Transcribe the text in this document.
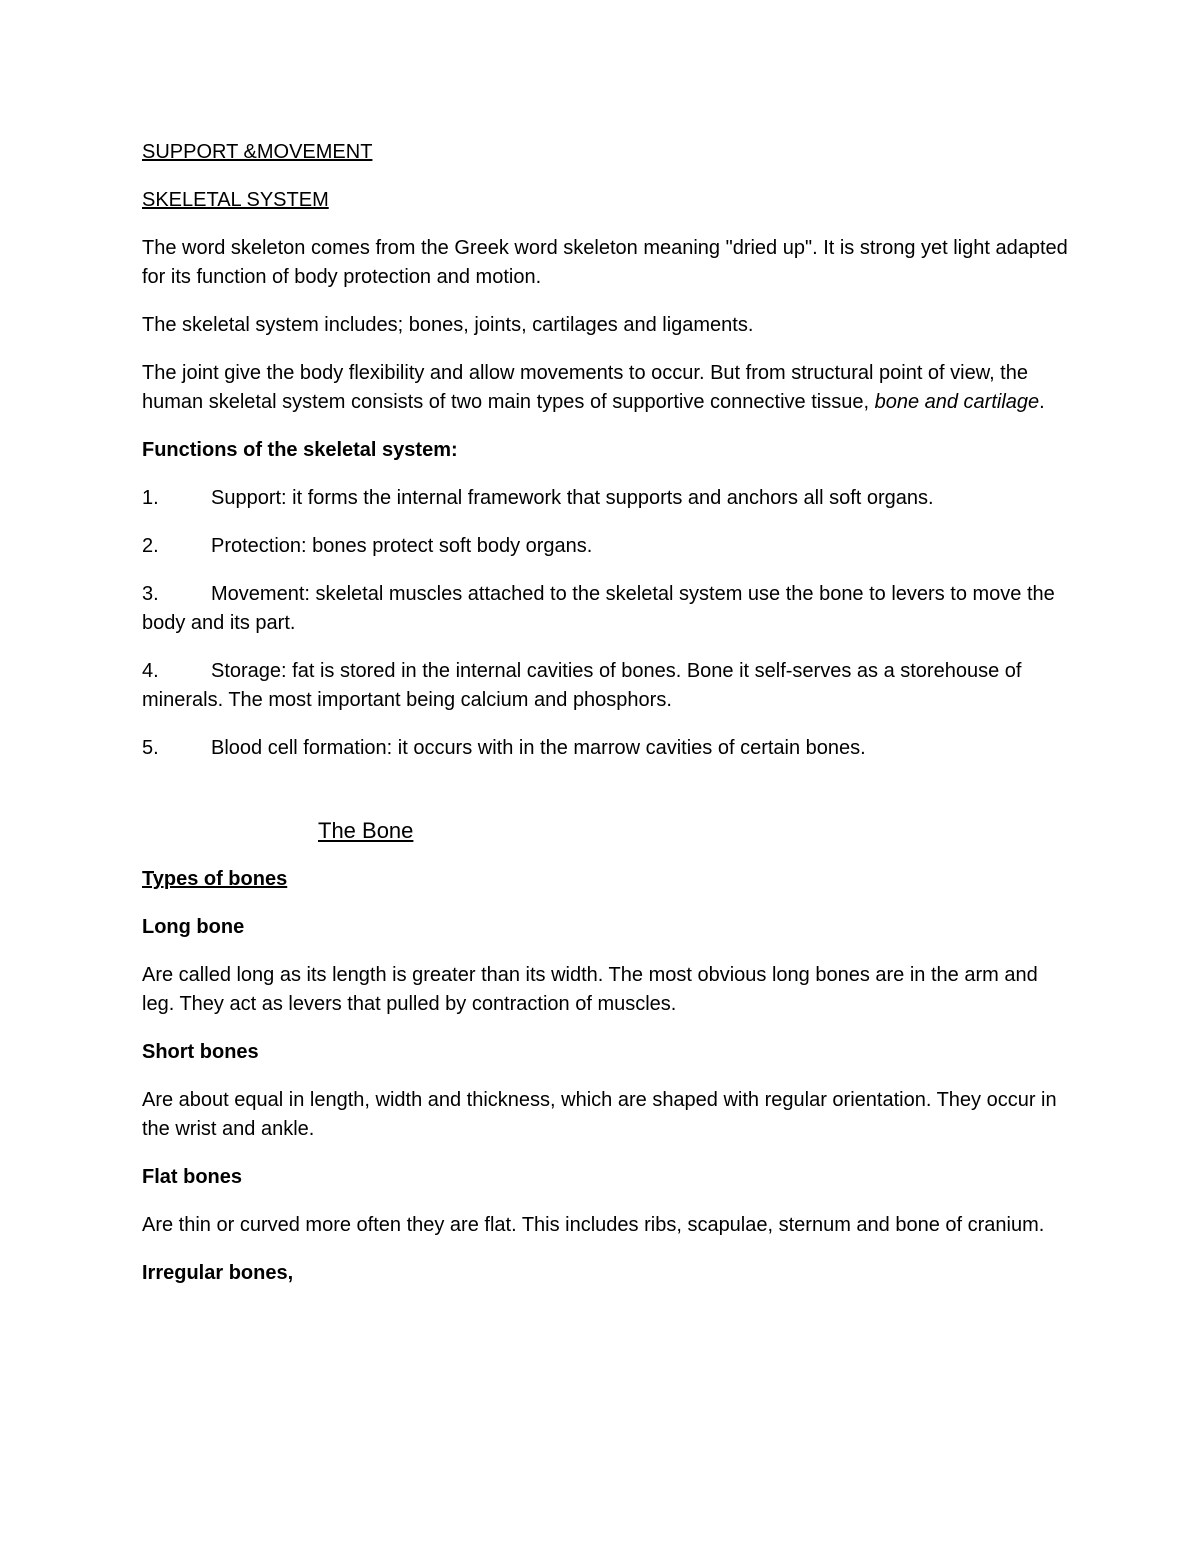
SUPPORT &MOVEMENT

SKELETAL SYSTEM

The word skeleton comes from the Greek word skeleton meaning "dried up". It is strong yet light adapted for its function of body protection and motion.

The skeletal system includes; bones, joints, cartilages and ligaments.

The joint give the body flexibility and allow movements to occur. But from structural point of view, the human skeletal system consists of two main types of supportive connective tissue, bone and cartilage.

Functions of the skeletal system:

1.	Support: it forms the internal framework that supports and anchors all soft organs.

2.	Protection: bones protect soft body organs.

3.	Movement: skeletal muscles attached to the skeletal system use the bone to levers to move the body and its part.

4.	Storage: fat is stored in the internal cavities of bones. Bone it self-serves as a storehouse of minerals. The most important being calcium and phosphors.

5.	Blood cell formation: it occurs with in the marrow cavities of certain bones.

The Bone

Types of bones

Long bone

Are called long as its length is greater than its width. The most obvious long bones are in the arm and leg. They act as levers that pulled by contraction of muscles.

Short bones

Are about equal in length, width and thickness, which are shaped with regular orientation. They occur in the wrist and ankle.

Flat bones

Are thin or curved more often they are flat. This includes ribs, scapulae, sternum and bone of cranium.

Irregular bones,
